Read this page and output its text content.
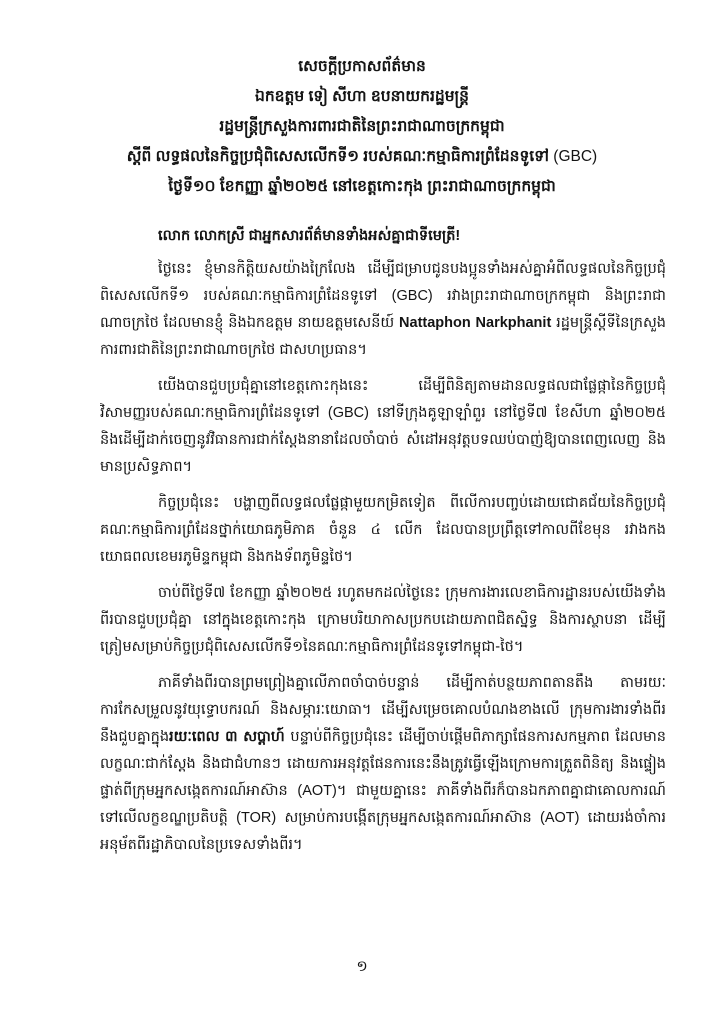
សេចក្តីប្រកាសព័ត៌មាន

ឯកឧត្តម ទៀ សីហា ឧបនាយករដ្ឋមន្ត្រី

រដ្ឋមន្ត្រីក្រសួងការពារជាតិនៃព្រះរាជាណាចក្រកម្ពុជា

ស្តីពី លទ្ធផលនៃកិច្ចប្រជុំពិសេសលើកទី១ របស់គណៈកម្មាធិការព្រំដែនទូទៅ (GBC)

ថ្ងៃទី១០ ខែកញ្ញា ឆ្នាំ២០២៥ នៅខេត្តកោះកុង ព្រះរាជាណាចក្រកម្ពុជា

លោក លោកស្រី ជាអ្នកសារព័ត៌មានទាំងអស់គ្នាជាទីមេត្រី!

ថ្ងៃនេះ ខ្ញុំមានកិត្តិយសយ៉ាងក្រៃលែង ដើម្បីជម្រាបជូនបងប្អូនទាំងអស់គ្នាអំពីលទ្ធផលនៃកិច្ចប្រជុំពិសេសលើកទី១ របស់គណៈកម្មាធិការព្រំដែនទូទៅ (GBC) រវាងព្រះរាជាណាចក្រកម្ពុជា និងព្រះរាជាណាចក្រថៃ ដែលមានខ្ញុំ និងឯកឧត្តម នាយឧត្តមសេនីយ៍ Nattaphon Narkphanit រដ្ឋមន្ត្រីស្តីទីនៃក្រសួងការពារជាតិនៃព្រះរាជាណាចក្រថៃ ជាសហប្រធាន។

យើងបានជួបប្រជុំគ្នានៅខេត្តកោះកុងនេះ ដើម្បីពិនិត្យតាមដានលទ្ធផលជាផ្លែផ្កានៃកិច្ចប្រជុំវិសាមញ្ញរបស់គណៈកម្មាធិការព្រំដែនទូទៅ (GBC) នៅទីក្រុងគូឡាឡាំពួរ នៅថ្ងៃទី៧ ខែសីហា ឆ្នាំ២០២៥ និងដើម្បីដាក់ចេញនូវវិធានការជាក់ស្តែងនានាដែលចាំបាច់ សំដៅអនុវត្តបទឈប់បាញ់ឱ្យបានពេញលេញ និងមានប្រសិទ្ធភាព។

កិច្ចប្រជុំនេះ បង្ហាញពីលទ្ធផលផ្លែផ្កាមួយកម្រិតទៀត ពីលើការបញ្ចប់ដោយជោគជ័យនៃកិច្ចប្រជុំគណៈកម្មាធិការព្រំដែនថ្នាក់យោធភូមិភាគ ចំនួន ៤ លើក ដែលបានប្រព្រឹត្តទៅកាលពីខែមុន រវាងកងយោធពលខេមរភូមិន្ទកម្ពុជា និងកងទ័ពភូមិន្ទថៃ។

ចាប់ពីថ្ងៃទី៧ ខែកញ្ញា ឆ្នាំ២០២៥ រហូតមកដល់ថ្ងៃនេះ ក្រុមការងារលេខាធិការដ្ឋានរបស់យើងទាំងពីរបានជួបប្រជុំគ្នា នៅក្នុងខេត្តកោះកុង ក្រោមបរិយាកាសប្រកបដោយភាពជិតស្និទ្ធ និងការស្ថាបនា ដើម្បីត្រៀមសម្រាប់កិច្ចប្រជុំពិសេសលើកទី១នៃគណៈកម្មាធិការព្រំដែនទូទៅកម្ពុជា-ថៃ។

ភាគីទាំងពីរបានព្រមព្រៀងគ្នាលើភាពចាំបាច់បន្ទាន់ ដើម្បីកាត់បន្ថយភាពតានតឹង តាមរយៈការកែសម្រួលនូវយុទ្ធោបករណ៍ និងសម្ភារៈយោធា។ ដើម្បីសម្រេចគោលបំណងខាងលើ ក្រុមការងារទាំងពីរនឹងជួបគ្នាក្នុងរយៈពេល ៣ សប្តាហ៍ បន្ទាប់ពីកិច្ចប្រជុំនេះ ដើម្បីចាប់ផ្តើមពិភាក្សាផែនការសកម្មភាព ដែលមានលក្ខណៈជាក់ស្តែង និងជាជំហានៗ ដោយការអនុវត្តផែនការនេះនឹងត្រូវធ្វើឡើងក្រោមការត្រួតពិនិត្យ និងផ្ទៀងផ្ទាត់ពីក្រុមអ្នកសង្កេតការណ៍អាស៊ាន (AOT)។ ជាមួយគ្នានេះ ភាគីទាំងពីរក៏បានឯកភាពគ្នាជាគោលការណ៍ទៅលើលក្ខខណ្ឌប្រតិបត្តិ (TOR) សម្រាប់ការបង្កើតក្រុមអ្នកសង្កេតការណ៍អាស៊ាន (AOT) ដោយរង់ចាំការអនុម័តពីរដ្ឋាភិបាលនៃប្រទេសទាំងពីរ។

១
